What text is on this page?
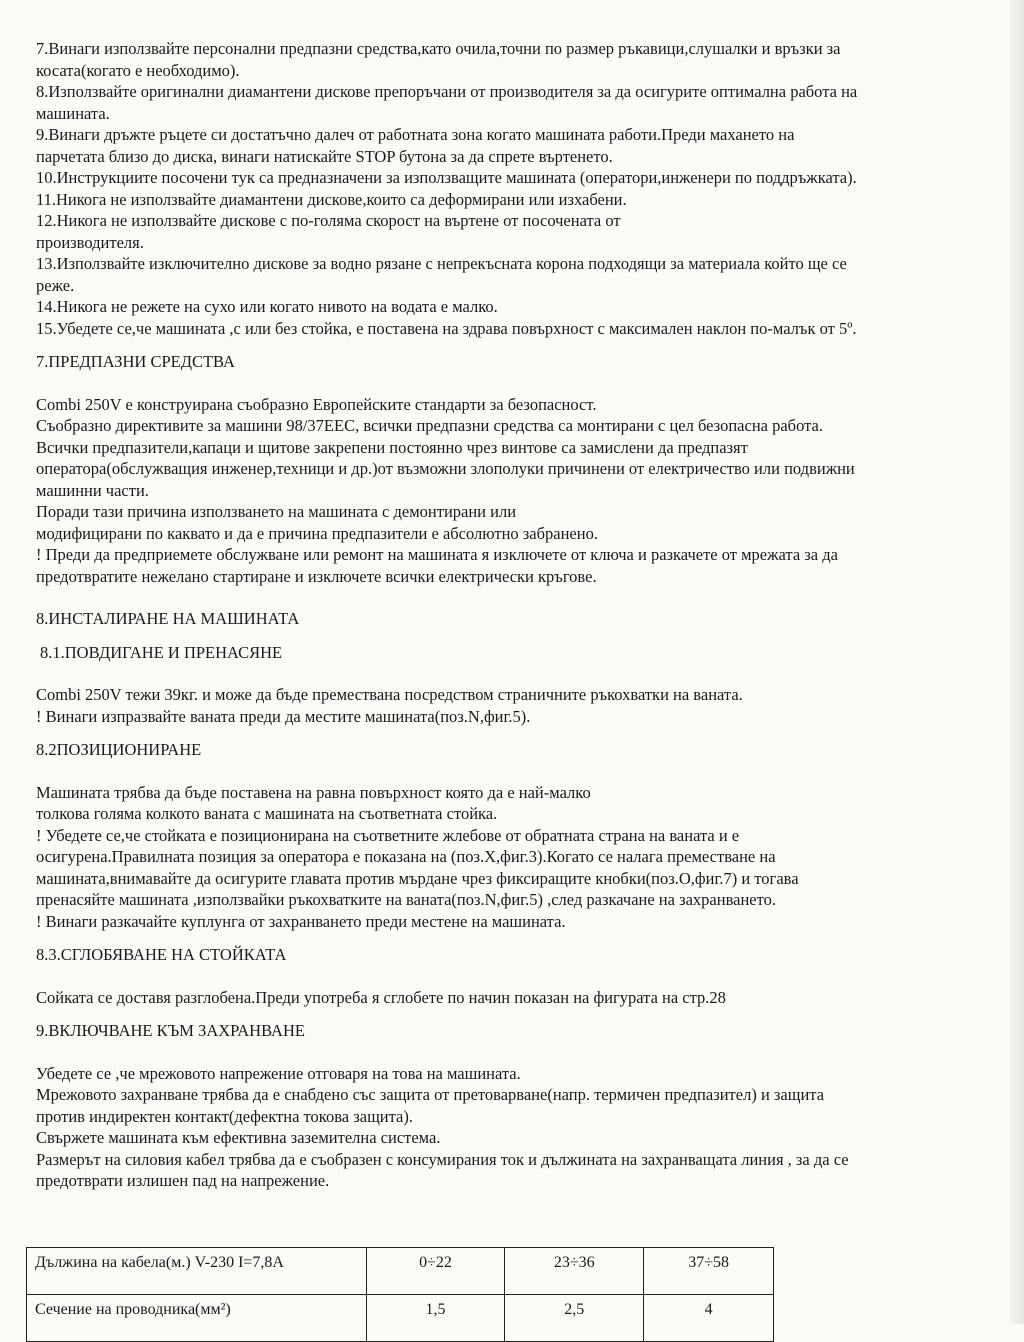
7.Винаги използвайте персонални предпазни средства,като очила,точни по размер ръкавици,слушалки и връзки за

косата(когато е необходимо).

8.Използвайте оригинални диамантени дискове препоръчани от производителя за да осигурите оптимална работа на

машината.

9.Винаги дръжте ръцете си достатъчно далеч от работната зона когато машината работи.Преди махането на

парчетата близо до диска, винаги натискайте STOP бутона за да спрете въртенето.

10.Инструкциите посочени тук са предназначени за използващите машината (оператори,инженери по поддръжката).

11.Никога не използвайте диамантени дискове,които са деформирани или изхабени.

12.Никога не използвайте дискове с по-голяма скорост на въртене от посочената от

производителя.

13.Използвайте изключително дискове за водно рязане с непрекъсната корона подходящи за материала който ще се

реже.

14.Никога не режете на сухо или когато нивото на водата е малко.

15.Убедете се,че машината ,с или без стойка, е поставена на здрава повърхност с максимален наклон по-малък от 5º.

7.ПРЕДПАЗНИ СРЕДСТВА

Combi 250V е конструирана съобразно Европейските стандарти за безопасност.

Съобразно директивите за машини 98/37ЕЕС, всички предпазни средства са монтирани с цел безопасна работа.

Всички предпазители,капаци и щитове закрепени постоянно чрез винтове са замислени да предпазят

оператора(обслужващия инженер,техници и др.)от възможни злополуки причинени от електричество или подвижни

машинни части.

Поради тази причина използването на машината с демонтирани или

модифицирани по каквато и да е причина предпазители е абсолютно забранено.

! Преди да предприемете обслужване или ремонт на машината я изключете от ключа и разкачете от мрежата за да

предотвратите нежелано стартиране и изключете всички електрически кръгове.

8.ИНСТАЛИРАНЕ НА МАШИНАТА
8.1.ПОВДИГАНЕ И ПРЕНАСЯНЕ

Combi 250V тежи 39кг. и може да бъде премествана посредством страничните ръкохватки на ваната.

! Винаги изпразвайте ваната преди да местите машината(поз.N,фиг.5).

8.2ПОЗИЦИОНИРАНЕ

Машината трябва да бъде поставена на равна повърхност която да е най-малко

толкова голяма колкото ваната с машината на съответната стойка.

! Убедете се,че стойката е позиционирана на съответните жлебове от обратната страна на ваната и е

осигурена.Правилната позиция за оператора е показана на (поз.X,фиг.3).Когато се налага преместване на

машината,внимавайте да осигурите главата против мърдане чрез фиксиращите кнобки(поз.O,фиг.7) и тогава

пренасяйте машината ,използвайки ръкохватките на ваната(поз.N,фиг.5) ,след разкачане на захранването.

! Винаги разкачайте куплунга от захранването преди местене на машината.

8.3.СГЛОБЯВАНЕ НА СТОЙКАТА

Сойката се доставя разглобена.Преди употреба я сглобете по начин показан на фигурата на стр.28

9.ВКЛЮЧВАНЕ КЪМ ЗАХРАНВАНЕ

Убедете се ,че мрежовото напрежение отговаря на това на машината.

Мрежовото захранване трябва да е снабдено със защита от претоварване(напр. термичен предпазител) и защита

против индиректен контакт(дефектна токова защита).

Свържете машината към ефективна заземителна система.

Размерът на силовия кабел трябва да е съобразен с консумирания ток и дължината на захранващата линия , за да се

предотврати излишен пад на напрежение.

Дължина на кабела(м.) V-230 I=7,8A	0÷22	23÷36	37÷58
Сечение на проводника(мм²)	1,5	2,5	4
